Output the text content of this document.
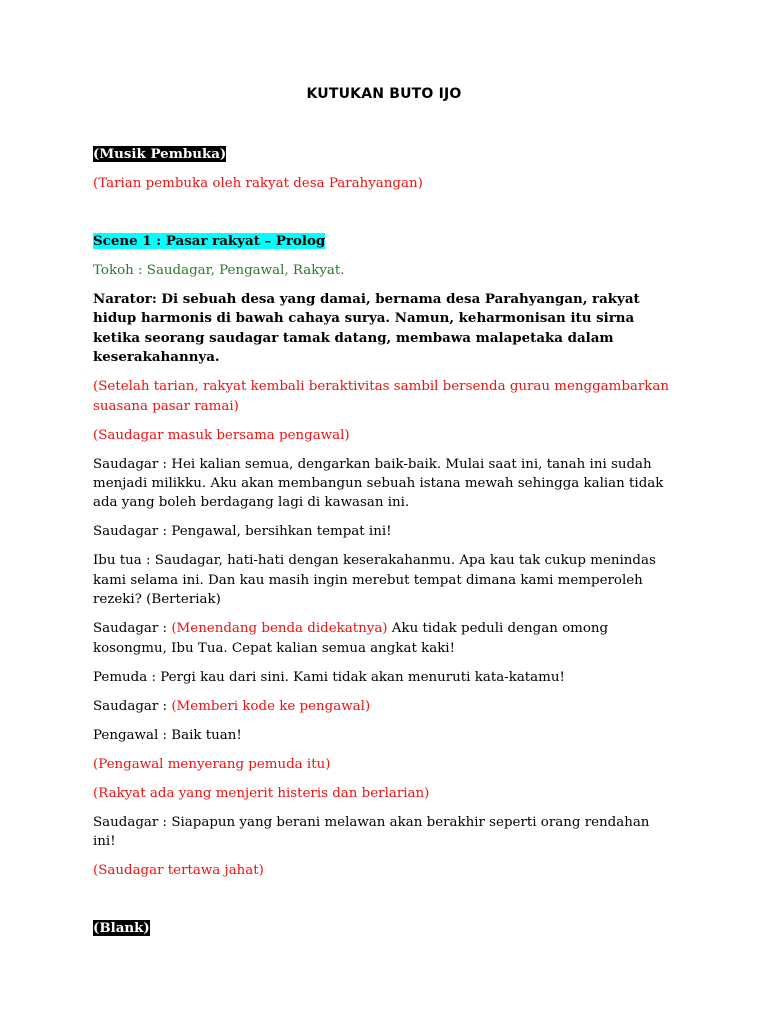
KUTUKAN BUTO IJO

(Musik Pembuka)

(Tarian pembuka oleh rakyat desa Parahyangan)

Scene 1 : Pasar rakyat – Prolog

Tokoh : Saudagar, Pengawal, Rakyat.

Narator: Di sebuah desa yang damai, bernama desa Parahyangan, rakyat hidup harmonis di bawah cahaya surya. Namun, keharmonisan itu sirna ketika seorang saudagar tamak datang, membawa malapetaka dalam keserakahannya.

(Setelah tarian, rakyat kembali beraktivitas sambil bersenda gurau menggambarkan suasana pasar ramai)

(Saudagar masuk bersama pengawal)

Saudagar : Hei kalian semua, dengarkan baik-baik. Mulai saat ini, tanah ini sudah menjadi milikku. Aku akan membangun sebuah istana mewah sehingga kalian tidak ada yang boleh berdagang lagi di kawasan ini.

Saudagar : Pengawal, bersihkan tempat ini!

Ibu tua : Saudagar, hati-hati dengan keserakahanmu. Apa kau tak cukup menindas kami selama ini. Dan kau masih ingin merebut tempat dimana kami memperoleh rezeki? (Berteriak)

Saudagar : (Menendang benda didekatnya) Aku tidak peduli dengan omong kosongmu, Ibu Tua. Cepat kalian semua angkat kaki!

Pemuda : Pergi kau dari sini. Kami tidak akan menuruti kata-katamu!

Saudagar : (Memberi kode ke pengawal)

Pengawal : Baik tuan!

(Pengawal menyerang pemuda itu)

(Rakyat ada yang menjerit histeris dan berlarian)

Saudagar : Siapapun yang berani melawan akan berakhir seperti orang rendahan ini!

(Saudagar tertawa jahat)

(Blank)
